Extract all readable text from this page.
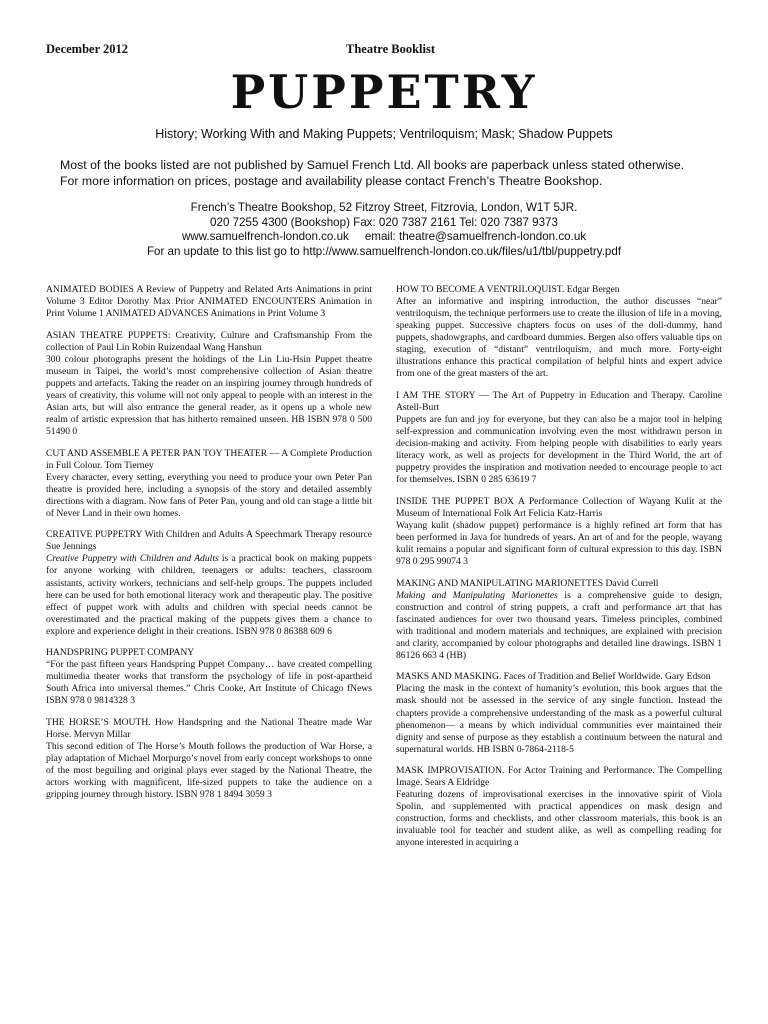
December 2012	Theatre Booklist
PUPPETRY
History; Working With and Making Puppets; Ventriloquism; Mask; Shadow Puppets
Most of the books listed are not published by Samuel French Ltd. All books are paperback unless stated otherwise.
For more information on prices, postage and availability please contact French’s Theatre Bookshop.
French’s Theatre Bookshop, 52 Fitzroy Street, Fitzrovia, London, W1T 5JR.
020 7255 4300 (Bookshop) Fax: 020 7387 2161 Tel: 020 7387 9373
www.samuelfrench-london.co.uk email: theatre@samuelfrench-london.co.uk
For an update to this list go to http://www.samuelfrench-london.co.uk/files/u1/tbl/puppetry.pdf
ANIMATED BODIES A Review of Puppetry and Related Arts Animations in print Volume 3 Editor Dorothy Max Prior ANIMATED ENCOUNTERS Animation in Print Volume 1 ANIMATED ADVANCES Animations in Print Volume 3
ASIAN THEATRE PUPPETS: Creativity, Culture and Craftsmanship From the collection of Paul Lin Robin Ruizendaal Wang Hanshun
300 colour photographs present the holdings of the Lin Liu-Hsin Puppet theatre museum in Taipei, the world’s most comprehensive collection of Asian theatre puppets and artefacts. Taking the reader on an inspiring journey through hundreds of years of creativity, this volume will not only appeal to people with an interest in the Asian arts, but will also entrance the general reader, as it opens up a whole new realm of artistic expression that has hitherto remained unseen. HB ISBN 978 0 500 51490 0
CUT AND ASSEMBLE A PETER PAN TOY THEATER — A Complete Production in Full Colour. Tom Tierney
Every character, every setting, everything you need to produce your own Peter Pan theatre is provided here, including a synopsis of the story and detailed assembly directions with a diagram. Now fans of Peter Pan, young and old can stage a little bit of Never Land in their own homes.
CREATIVE PUPPETRY With Children and Adults A Speechmark Therapy resource Sue Jennings
Creative Puppetry with Children and Adults is a practical book on making puppets for anyone working with children, teenagers or adults: teachers, classroom assistants, activity workers, technicians and self-help groups. The puppets included here can be used for both emotional literacy work and therapeutic play. The positive effect of puppet work with adults and children with special needs cannot be overestimated and the practical making of the puppets gives them a chance to explore and experience delight in their creations. ISBN 978 0 86388 609 6
HANDSPRING PUPPET COMPANY
“For the past fifteen years Handspring Puppet Company… have created compelling multimedia theater works that transform the psychology of life in post-apartheid South Africa into universal themes.” Chris Cooke, Art Institute of Chicago fNews ISBN 978 0 9814328 3
THE HORSE’S MOUTH. How Handspring and the National Theatre made War Horse. Mervyn Millar
This second edition of The Horse’s Mouth follows the production of War Horse, a play adaptation of Michael Morpurgo’s novel from early concept workshops to onne of the most beguiling and original plays ever staged by the National Theatre, the actors working with magnificent, life-sized puppets to take the audience on a gripping journey through history. ISBN 978 1 8494 3059 3
HOW TO BECOME A VENTRILOQUIST. Edgar Bergen
After an informative and inspiring introduction, the author discusses “near” ventriloquism, the technique performers use to create the illusion of life in a moving, speaking puppet. Successive chapters focus on uses of the doll-dummy, hand puppets, shadowgraphs, and cardboard dummies. Bergen also offers valuable tips on staging, execution of “distant” ventriloquism, and much more. Forty-eight illustrations enhance this practical compilation of helpful hints and expert advice from one of the great masters of the art.
I AM THE STORY — The Art of Puppetry in Education and Therapy. Caroline Astell-Burt
Puppets are fun and joy for everyone, but they can also be a major tool in helping self-expression and communication involving even the most withdrawn person in decision-making and activity. From helping people with disabilities to early years literacy work, as well as projects for development in the Third World, the art of puppetry provides the inspiration and motivation needed to encourage people to act for themselves. ISBN 0 285 63619 7
INSIDE THE PUPPET BOX A Performance Collection of Wayang Kulit at the Museum of International Folk Art Felicia Katz-Harris
Wayang kulit (shadow puppet) performance is a highly refined art form that has been performed in Java for hundreds of years. An art of and for the people, wayang kulit remains a popular and significant form of cultural expression to this day. ISBN 978 0 295 99074 3
MAKING AND MANIPULATING MARIONETTES David Currell
Making and Manipulating Marionettes is a comprehensive guide to design, construction and control of string puppets, a craft and performance art that has fascinated audiences for over two thousand years. Timeless principles, combined with traditional and modern materials and techniques, are explained with precision and clarity, accompanied by colour photographs and detailed line drawings. ISBN 1 86126 663 4 (HB)
MASKS AND MASKING. Faces of Tradition and Belief Worldwide. Gary Edson
Placing the mask in the context of humanity’s evolution, this book argues that the mask should not be assessed in the service of any single function. Instead the chapters provide a comprehensive understanding of the mask as a powerful cultural phenomenon— a means by which individual communities ever maintained their dignity and sense of purpose as they establish a continuum between the natural and supernatural worlds. HB ISBN 0-7864-2118-5
MASK IMPROVISATION. For Actor Training and Performance. The Compelling Image. Sears A Eldridge
Featuring dozens of improvisational exercises in the innovative spirit of Viola Spolin, and supplemented with practical appendices on mask design and construction, forms and checklists, and other classroom materials, this book is an invaluable tool for teacher and student alike, as well as compelling reading for anyone interested in acquiring a
